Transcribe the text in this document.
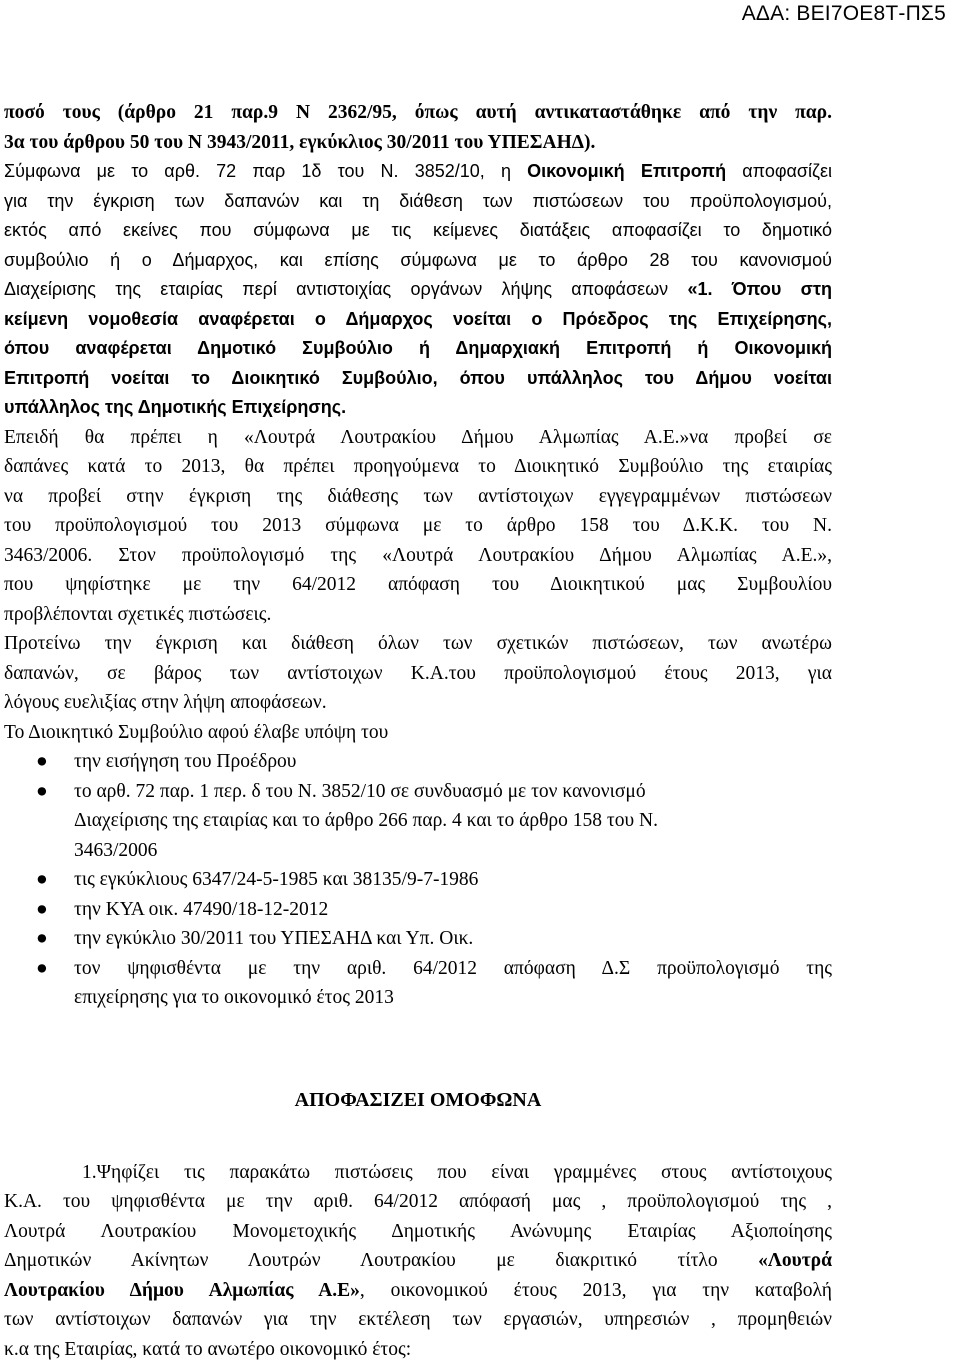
ΑΔΑ: ΒΕΙ7ΟΕ8Τ-ΠΣ5
ποσό τους (άρθρο 21 παρ.9 Ν 2362/95, όπως αυτή αντικαταστάθηκε από την παρ.
3α του άρθρου 50 του Ν 3943/2011, εγκύκλιος 30/2011 του ΥΠΕΣΑΗΔ).
Σύμφωνα με το αρθ. 72 παρ 1δ του Ν. 3852/10, η Οικονομική Επιτροπή αποφασίζει
για την έγκριση των δαπανών και τη διάθεση των πιστώσεων του προϋπολογισμού,
εκτός από εκείνες που σύμφωνα με τις κείμενες διατάξεις αποφασίζει το δημοτικό
συμβούλιο ή ο Δήμαρχος, και επίσης σύμφωνα με το άρθρο 28 του κανονισμού
Διαχείρισης της εταιρίας περί αντιστοιχίας οργάνων λήψης αποφάσεων «1. Όπου στη
κείμενη νομοθεσία αναφέρεται ο Δήμαρχος νοείται ο Πρόεδρος της Επιχείρησης,
όπου αναφέρεται Δημοτικό Συμβούλιο ή Δημαρχιακή Επιτροπή ή Οικονομική
Επιτροπή νοείται το Διοικητικό Συμβούλιο, όπου υπάλληλος του Δήμου νοείται
υπάλληλος της Δημοτικής Επιχείρησης.
Επειδή θα πρέπει η «Λουτρά Λουτρακίου Δήμου Αλμωπίας Α.Ε.»να προβεί σε
δαπάνες κατά το 2013, θα πρέπει προηγούμενα το Διοικητικό Συμβούλιο της εταιρίας
να προβεί στην έγκριση της διάθεσης των αντίστοιχων εγγεγραμμένων πιστώσεων
του προϋπολογισμού του 2013 σύμφωνα με το άρθρο 158 του Δ.Κ.Κ. του Ν.
3463/2006. Στον προϋπολογισμό της «Λουτρά Λουτρακίου Δήμου Αλμωπίας Α.Ε.»,
που ψηφίστηκε με την 64/2012 απόφαση του Διοικητικού μας Συμβουλίου
προβλέπονται σχετικές πιστώσεις.
Προτείνω την έγκριση και διάθεση όλων των σχετικών πιστώσεων, των ανωτέρω
δαπανών, σε βάρος των αντίστοιχων Κ.Α.του προϋπολογισμού έτους 2013, για
λόγους ευελιξίας στην λήψη αποφάσεων.
Το Διοικητικό Συμβούλιο αφού έλαβε υπόψη του
● την εισήγηση του Προέδρου
● το αρθ. 72 παρ. 1 περ. δ του Ν. 3852/10 σε συνδυασμό με τον κανονισμό
Διαχείρισης της εταιρίας και το άρθρο 266 παρ. 4 και το άρθρο 158 του Ν.
3463/2006
● τις εγκύκλιους 6347/24-5-1985 και 38135/9-7-1986
● την ΚΥΑ οικ. 47490/18-12-2012
● την εγκύκλιο 30/2011 του ΥΠΕΣΑΗΔ και Υπ. Οικ.
● τον ψηφισθέντα με την αριθ. 64/2012 απόφαση Δ.Σ προϋπολογισμό της
επιχείρησης για το οικονομικό έτος 2013
ΑΠΟΦΑΣΙΖΕΙ ΟΜΟΦΩΝΑ
1.Ψηφίζει τις παρακάτω πιστώσεις που είναι γραμμένες στους αντίστοιχους
Κ.Α. του ψηφισθέντα με την αριθ. 64/2012 απόφασή μας , προϋπολογισμού της ,
Λουτρά Λουτρακίου Μονομετοχικής Δημοτικής Ανώνυμης Εταιρίας Αξιοποίησης
Δημοτικών Ακίνητων Λουτρών Λουτρακίου με διακριτικό τίτλο «Λουτρά
Λουτρακίου Δήμου Αλμωπίας Α.Ε», οικονομικού έτους 2013, για την καταβολή
των αντίστοιχων δαπανών για την εκτέλεση των εργασιών, υπηρεσιών , προμηθειών
κ.α της Εταιρίας, κατά το ανωτέρο οικονομικό έτος:
